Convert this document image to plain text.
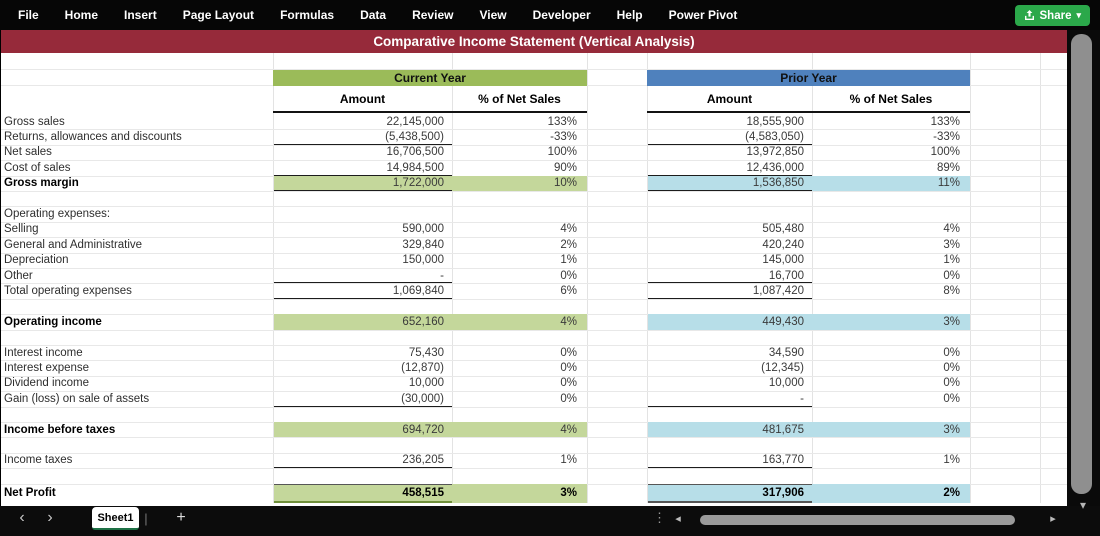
File Home Insert Page Layout Formulas Data Review View Developer Help Power Pivot	Share ▾
Comparative Income Statement (Vertical Analysis)
Current Year	Prior Year
Amount	% of Net Sales	Amount	% of Net Sales
Gross sales	22,145,000	133%	18,555,900	133%
Returns, allowances and discounts	(5,438,500)	-33%	(4,583,050)	-33%
Net sales	16,706,500	100%	13,972,850	100%
Cost of sales	14,984,500	90%	12,436,000	89%
Gross margin	1,722,000	10%	1,536,850	11%
Operating expenses:
Selling	590,000	4%	505,480	4%
General and Administrative	329,840	2%	420,240	3%
Depreciation	150,000	1%	145,000	1%
Other	-	0%	16,700	0%
Total operating expenses	1,069,840	6%	1,087,420	8%
Operating income	652,160	4%	449,430	3%
Interest income	75,430	0%	34,590	0%
Interest expense	(12,870)	0%	(12,345)	0%
Dividend income	10,000	0%	10,000	0%
Gain (loss) on sale of assets	(30,000)	0%	-	0%
Income before taxes	694,720	4%	481,675	3%
Income taxes	236,205	1%	163,770	1%
Net Profit	458,515	3%	317,906	2%
▾
‹	›	Sheet1 | +	⋮ ◂	▸
